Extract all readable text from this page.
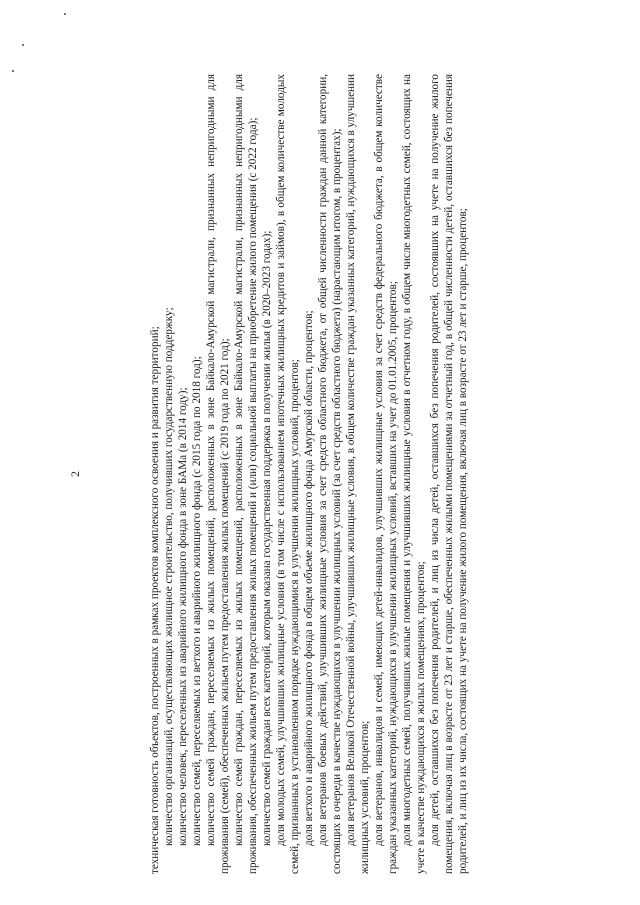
2	техническая готовность объектов, построенных в рамках проектов комплексного освоения и развития территорий; количество организаций, осуществляющих жилищное строительство, получивших государственную поддержку; количество человек, переселенных из аварийного жилищного фонда в зоне БАМа (в 2014 году); количество семей, переселяемых из ветхого и аварийного жилищного фонда (с 2015 года по 2018 год); количество семей граждан, переселяемых из жилых помещений, расположенных в зоне Байкало-Амурской магистрали, признанных непригодными для проживания (семей), обеспеченных жильем путем предоставления жилых помещений (с 2019 года по 2021 год); количество семей граждан, переселяемых из жилых помещений, расположенных в зоне Байкало-Амурской магистрали, признанных непригодными для проживания, обеспеченных жильем путем предоставления жилых помещений и (или) социальной выплаты на приобретение жилого помещения (с 2022 года); количество семей граждан всех категорий, которым оказана государственная поддержка в получении жилья (в 2020–2023 годах); доля молодых семей, улучшивших жилищные условия (в том числе с использованием ипотечных жилищных кредитов и займов), в общем количестве молодых семей, признанных в установленном порядке нуждающимися в улучшении жилищных условий, процентов; доля ветхого и аварийного жилищного фонда в общем объеме жилищного фонда Амурской области, процентов; доля ветеранов боевых действий, улучшивших жилищные условия за счет средств областного бюджета, от общей численности граждан данной категории, состоящих в очереди в качестве нуждающихся в улучшении жилищных условий (за счет средств областного бюджета) (нарастающим итогом, в процентах); доля ветеранов Великой Отечественной войны, улучшивших жилищные условия, в общем количестве граждан указанных категорий, нуждающихся в улучшении жилищных условий, процентов; доля ветеранов, инвалидов и семей, имеющих детей-инвалидов, улучшивших жилищные условия за счет средств федерального бюджета, в общем количестве граждан указанных категорий, нуждающихся в улучшении жилищных условий, вставших на учет до 01.01.2005, процентов; доля многодетных семей, получивших жилые помещения и улучшивших жилищные условия в отчетном году, в общем числе многодетных семей, состоящих на учете в качестве нуждающихся в жилых помещениях, процентов; доля детей, оставшихся без попечения родителей, и лиц из числа детей, оставшихся без попечения родителей, состоявших на учете на получение жилого помещения, включая лиц в возрасте от 23 лет и старше, обеспеченных жилыми помещениями за отчетный год, в общей численности детей, оставшихся без попечения родителей, и лиц из их числа, состоящих на учете на получение жилого помещения, включая лиц в возрасте от 23 лет и старше, процентов;
